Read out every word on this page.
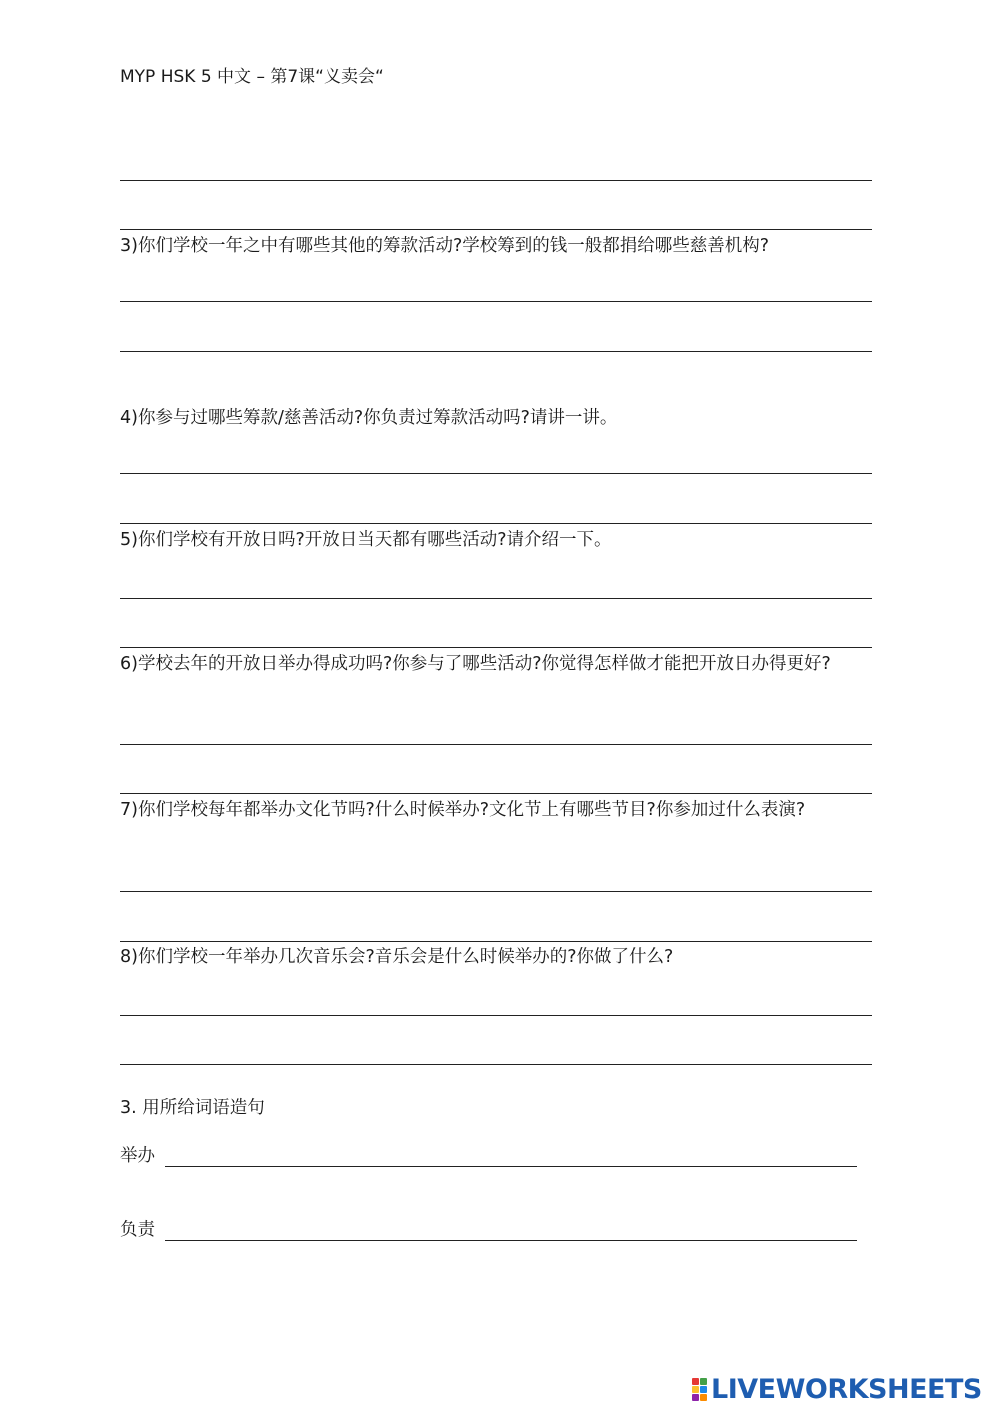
MYP HSK 5 中文 – 第7课“义卖会“
3)你们学校一年之中有哪些其他的筹款活动?学校筹到的钱一般都捐给哪些慈善机构?
4)你参与过哪些筹款/慈善活动?你负责过筹款活动吗?请讲一讲。
5)你们学校有开放日吗?开放日当天都有哪些活动?请介绍一下。
6)学校去年的开放日举办得成功吗?你参与了哪些活动?你觉得怎样做才能把开放日办得更好?
7)你们学校每年都举办文化节吗?什么时候举办?文化节上有哪些节目?你参加过什么表演?
8)你们学校一年举办几次音乐会?音乐会是什么时候举办的?你做了什么?
3. 用所给词语造句
举办
负责
LIVEWORKSHEETS
